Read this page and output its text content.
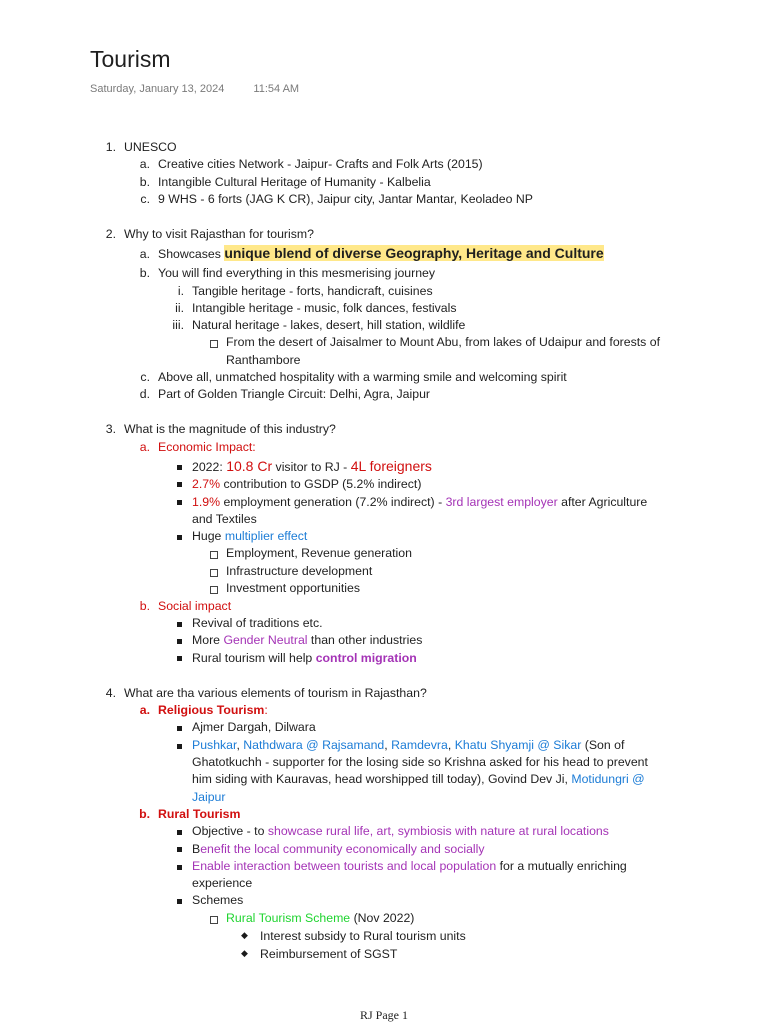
Tourism
Saturday, January 13, 2024	11:54 AM
1. UNESCO
a. Creative cities Network - Jaipur- Crafts and Folk Arts (2015)
b. Intangible Cultural Heritage of Humanity - Kalbelia
c. 9 WHS - 6 forts (JAG K CR), Jaipur city, Jantar Mantar, Keoladeo NP
2. Why to visit Rajasthan for tourism?
a. Showcases unique blend of diverse Geography, Heritage and Culture
b. You will find everything in this mesmerising journey
i. Tangible heritage - forts, handicraft, cuisines
ii. Intangible heritage - music, folk dances, festivals
iii. Natural heritage - lakes, desert, hill station, wildlife
From the desert of Jaisalmer to Mount Abu, from lakes of Udaipur and forests of
Ranthambore
c. Above all, unmatched hospitality with a warming smile and welcoming spirit
d. Part of Golden Triangle Circuit: Delhi, Agra, Jaipur
3. What is the magnitude of this industry?
a. Economic Impact:
2022: 10.8 Cr visitor to RJ - 4L foreigners
2.7% contribution to GSDP (5.2% indirect)
1.9% employment generation (7.2% indirect) - 3rd largest employer after Agriculture
and Textiles
Huge multiplier effect
Employment, Revenue generation
Infrastructure development
Investment opportunities
b. Social impact
Revival of traditions etc.
More Gender Neutral than other industries
Rural tourism will help control migration
4. What are tha various elements of tourism in Rajasthan?
a. Religious Tourism:
Ajmer Dargah, Dilwara
Pushkar, Nathdwara @ Rajsamand, Ramdevra, Khatu Shyamji @ Sikar (Son of
Ghatotkuchh - supporter for the losing side so Krishna asked for his head to prevent
him siding with Kauravas, head worshipped till today), Govind Dev Ji, Motidungri @
Jaipur
b. Rural Tourism
Objective - to showcase rural life, art, symbiosis with nature at rural locations
Benefit the local community economically and socially
Enable interaction between tourists and local population for a mutually enriching
experience
Schemes
Rural Tourism Scheme (Nov 2022)
◆ Interest subsidy to Rural tourism units
◆ Reimbursement of SGST
RJ Page 1
